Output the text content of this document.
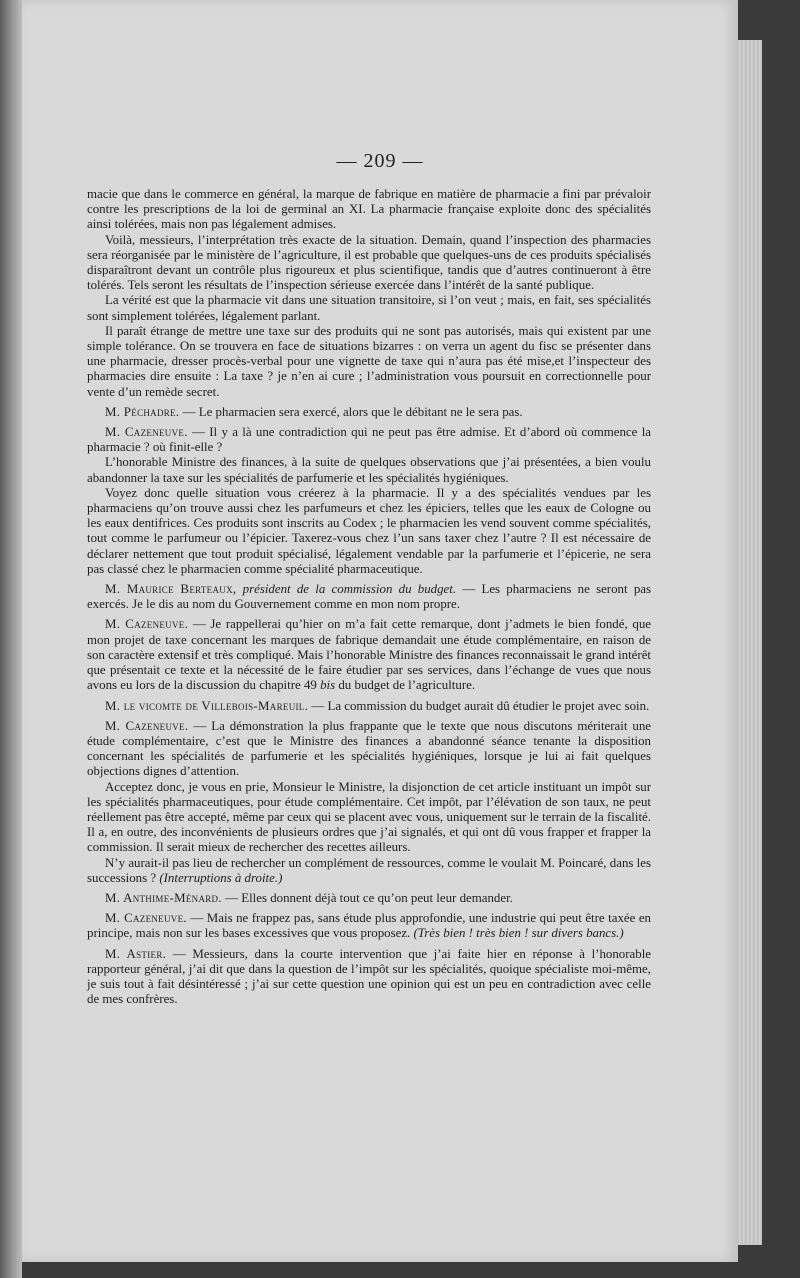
— 209 —

macie que dans le commerce en général, la marque de fabrique en matière de pharmacie a fini par prévaloir contre les prescriptions de la loi de germinal an XI. La pharmacie française exploite donc des spécialités ainsi tolérées, mais non pas légalement admises.

Voilà, messieurs, l’interprétation très exacte de la situation. Demain, quand l’inspection des pharmacies sera réorganisée par le ministère de l’agriculture, il est probable que quelques-uns de ces produits spécialisés disparaîtront devant un contrôle plus rigoureux et plus scientifique, tandis que d’autres continueront à être tolérés. Tels seront les résultats de l’inspection sérieuse exercée dans l’intérêt de la santé publique.

La vérité est que la pharmacie vit dans une situation transitoire, si l’on veut ; mais, en fait, ses spécialités sont simplement tolérées, légalement parlant.

Il paraît étrange de mettre une taxe sur des produits qui ne sont pas autorisés, mais qui existent par une simple tolérance. On se trouvera en face de situations bizarres : on verra un agent du fisc se présenter dans une pharmacie, dresser procès-verbal pour une vignette de taxe qui n’aura pas été mise,et l’inspecteur des pharmacies dire ensuite : La taxe ? je n’en ai cure ; l’administration vous poursuit en correctionnelle pour vente d’un remède secret.

M. Péchadre. — Le pharmacien sera exercé, alors que le débitant ne le sera pas.

M. Cazeneuve. — Il y a là une contradiction qui ne peut pas être admise. Et d’abord où commence la pharmacie ? où finit-elle ?

L’honorable Ministre des finances, à la suite de quelques observations que j’ai présentées, a bien voulu abandonner la taxe sur les spécialités de parfumerie et les spécialités hygiéniques.

Voyez donc quelle situation vous créerez à la pharmacie. Il y a des spécialités vendues par les pharmaciens qu’on trouve aussi chez les parfumeurs et chez les épiciers, telles que les eaux de Cologne ou les eaux dentifrices. Ces produits sont inscrits au Codex ; le pharmacien les vend souvent comme spécialités, tout comme le parfumeur ou l’épicier. Taxerez-vous chez l’un sans taxer chez l’autre ? Il est nécessaire de déclarer nettement que tout produit spécialisé, légalement vendable par la parfumerie et l’épicerie, ne sera pas classé chez le pharmacien comme spécialité pharmaceutique.

M. Maurice Berteaux, président de la commission du budget. — Les pharmaciens ne seront pas exercés. Je le dis au nom du Gouvernement comme en mon nom propre.

M. Cazeneuve. — Je rappellerai qu’hier on m’a fait cette remarque, dont j’admets le bien fondé, que mon projet de taxe concernant les marques de fabrique demandait une étude complémentaire, en raison de son caractère extensif et très compliqué. Mais l’honorable Ministre des finances reconnaissait le grand intérêt que présentait ce texte et la nécessité de le faire étudier par ses services, dans l’échange de vues que nous avons eu lors de la discussion du chapitre 49 bis du budget de l’agriculture.

M. le vicomte de Villebois-Mareuil. — La commission du budget aurait dû étudier le projet avec soin.

M. Cazeneuve. — La démonstration la plus frappante que le texte que nous discutons mériterait une étude complémentaire, c’est que le Ministre des finances a abandonné séance tenante la disposition concernant les spécialités de parfumerie et les spécialités hygiéniques, lorsque je lui ai fait quelques objections dignes d’attention.

Acceptez donc, je vous en prie, Monsieur le Ministre, la disjonction de cet article instituant un impôt sur les spécialités pharmaceutiques, pour étude complémentaire. Cet impôt, par l’élévation de son taux, ne peut réellement pas être accepté, même par ceux qui se placent avec vous, uniquement sur le terrain de la fiscalité. Il a, en outre, des inconvénients de plusieurs ordres que j’ai signalés, et qui ont dû vous frapper et frapper la commission. Il serait mieux de rechercher des recettes ailleurs.

N’y aurait-il pas lieu de rechercher un complément de ressources, comme le voulait M. Poincaré, dans les successions ? (Interruptions à droite.)

M. Anthime-Ménard. — Elles donnent déjà tout ce qu’on peut leur demander.

M. Cazeneuve. — Mais ne frappez pas, sans étude plus approfondie, une industrie qui peut être taxée en principe, mais non sur les bases excessives que vous proposez. (Très bien ! très bien ! sur divers bancs.)

M. Astier. — Messieurs, dans la courte intervention que j’ai faite hier en réponse à l’honorable rapporteur général, j’ai dit que dans la question de l’impôt sur les spécialités, quoique spécialiste moi-même, je suis tout à fait désintéressé ; j’ai sur cette question une opinion qui est un peu en contradiction avec celle de mes confrères.
